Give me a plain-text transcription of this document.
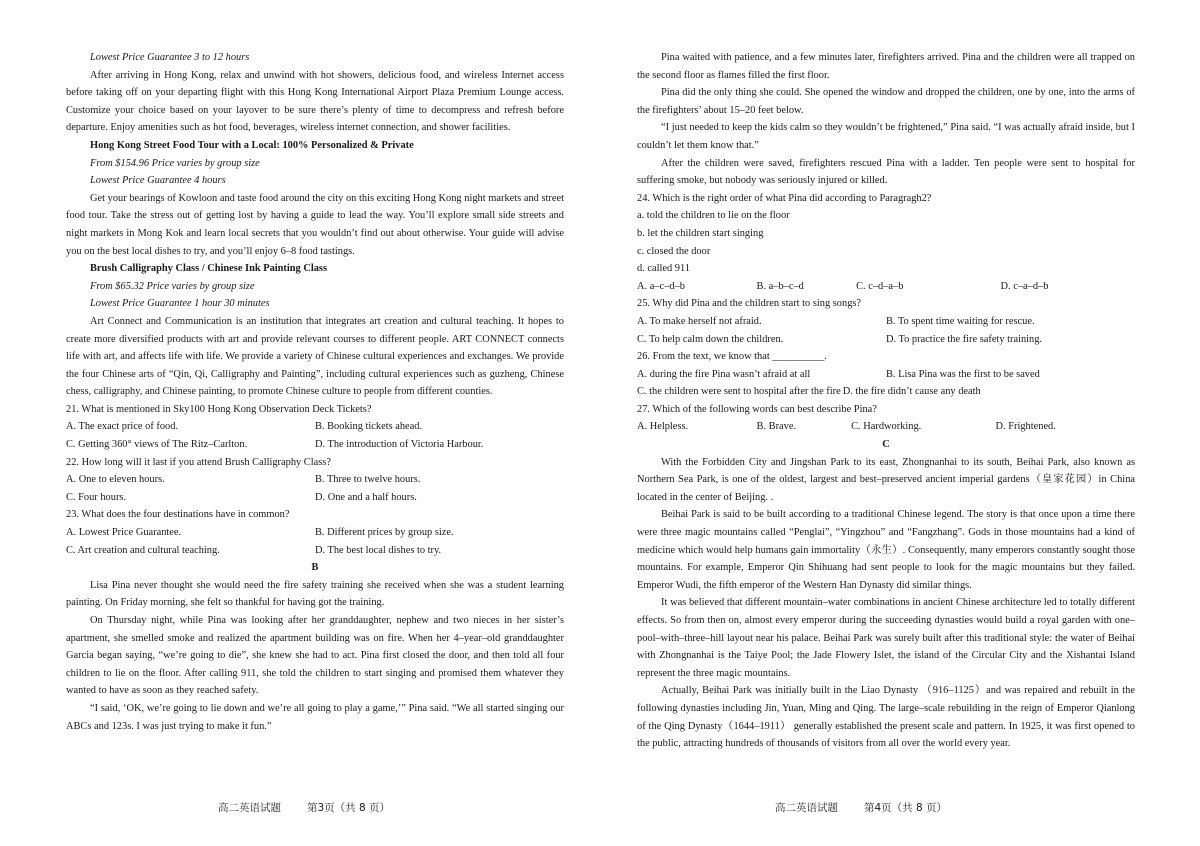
Lowest Price Guarantee 3 to 12 hours

After arriving in Hong Kong, relax and unwind with hot showers, delicious food, and wireless Internet access before taking off on your departing flight with this Hong Kong International Airport Plaza Premium Lounge access. Customize your choice based on your layover to be sure there’s plenty of time to decompress and refresh before departure. Enjoy amenities such as hot food, beverages, wireless internet connection, and shower facilities.

Hong Kong Street Food Tour with a Local: 100% Personalized & Private

From $154.96 Price varies by group size

Lowest Price Guarantee 4 hours

Get your bearings of Kowloon and taste food around the city on this exciting Hong Kong night markets and street food tour. Take the stress out of getting lost by having a guide to lead the way. You’ll explore small side streets and night markets in Mong Kok and learn local secrets that you wouldn’t find out about otherwise. Your guide will advise you on the best local dishes to try, and you’ll enjoy 6–8 food tastings.

Brush Calligraphy Class / Chinese Ink Painting Class

From $65.32 Price varies by group size

Lowest Price Guarantee 1 hour 30 minutes

Art Connect and Communication is an institution that integrates art creation and cultural teaching. It hopes to create more diversified products with art and provide relevant courses to different people. ART CONNECT connects life with art, and affects life with life. We provide a variety of Chinese cultural experiences and exchanges. We provide the four Chinese arts of “Qin, Qi, Calligraphy and Painting”, including cultural experiences such as guzheng, Chinese chess, calligraphy, and Chinese painting, to promote Chinese culture to people from different counties.

21. What is mentioned in Sky100 Hong Kong Observation Deck Tickets?

A. The exact price of food.	B. Booking tickets ahead.
C. Getting 360° views of The Ritz–Carlton.	D. The introduction of Victoria Harbour.

22. How long will it last if you attend Brush Calligraphy Class?

A. One to eleven hours.	B. Three to twelve hours.
C. Four hours.	D. One and a half hours.

23. What does the four destinations have in common?

A. Lowest Price Guarantee.	B. Different prices by group size.
C. Art creation and cultural teaching.	D. The best local dishes to try.

B

Lisa Pina never thought she would need the fire safety training she received when she was a student learning painting. On Friday morning, she felt so thankful for having got the training.

On Thursday night, while Pina was looking after her granddaughter, nephew and two nieces in her sister’s apartment, she smelled smoke and realized the apartment building was on fire. When her 4–year–old granddaughter Garcia began saying, “we’re going to die”, she knew she had to act. Pina first closed the door, and then told all four children to lie on the floor. After calling 911, she told the children to start singing and promised them whatever they wanted to have as soon as they reached safety.

“I said, ‘OK, we’re going to lie down and we’re all going to play a game,’” Pina said. “We all started singing our ABCs and 123s. I was just trying to make it fun.”

Pina waited with patience, and a few minutes later, firefighters arrived. Pina and the children were all trapped on the second floor as flames filled the first floor.

Pina did the only thing she could. She opened the window and dropped the children, one by one, into the arms of the firefighters’ about 15–20 feet below.

“I just needed to keep the kids calm so they wouldn’t be frightened,” Pina said. “I was actually afraid inside, but I couldn’t let them know that.”

After the children were saved, firefighters rescued Pina with a ladder. Ten people were sent to hospital for suffering smoke, but nobody was seriously injured or killed.

24. Which is the right order of what Pina did according to Paragragh2?

a. told the children to lie on the floor

b. let the children start singing

c. closed the door

d. called 911

A. a–c–d–b	B. a–b–c–d	C. c–d–a–b	D. c–a–d–b

25. Why did Pina and the children start to sing songs?

A. To make herself not afraid.	B. To spent time waiting for rescue.
C. To help calm down the children.	D. To practice the fire safety training.

26. From the text, we know that __________.

A. during the fire Pina wasn’t afraid at all	B. Lisa Pina was the first to be saved
C. the children were sent to hospital after the fire D. the fire didn’t cause any death

27. Which of the following words can best describe Pina?

A. Helpless.	B. Brave.	C. Hardworking.	D. Frightened.

C

With the Forbidden City and Jingshan Park to its east, Zhongnanhai to its south, Beihai Park, also known as Northern Sea Park, is one of the oldest, largest and best–preserved ancient imperial gardens（皇家花园）in China located in the center of Beijing. .

Beihai Park is said to be built according to a traditional Chinese legend. The story is that once upon a time there were three magic mountains called “Penglai”, “Yingzhou” and “Fangzhang”. Gods in those mountains had a kind of medicine which would help humans gain immortality（永生）. Consequently, many emperors constantly sought those mountains. For example, Emperor Qin Shihuang had sent people to look for the magic mountains but they failed. Emperor Wudi, the fifth emperor of the Western Han Dynasty did similar things.

It was believed that different mountain–water combinations in ancient Chinese architecture led to totally different effects. So from then on, almost every emperor during the succeeding dynasties would build a royal garden with one–pool–with–three–hill layout near his palace. Beihai Park was surely built after this traditional style: the water of Beihai with Zhongnanhai is the Taiye Pool; the Jade Flowery Islet, the island of the Circular City and the Xishantai Island represent the three magic mountains.

Actually, Beihai Park was initially built in the Liao Dynasty （916–1125）and was repaired and rebuilt in the following dynasties including Jin, Yuan, Ming and Qing. The large–scale rebuilding in the reign of Emperor Qianlong of the Qing Dynasty（1644–1911） generally established the present scale and pattern. In 1925, it was first opened to the public, attracting hundreds of thousands of visitors from all over the world every year.

高二英语试题 第3页（共 8 页）	高二英语试题 第4页（共 8 页）
